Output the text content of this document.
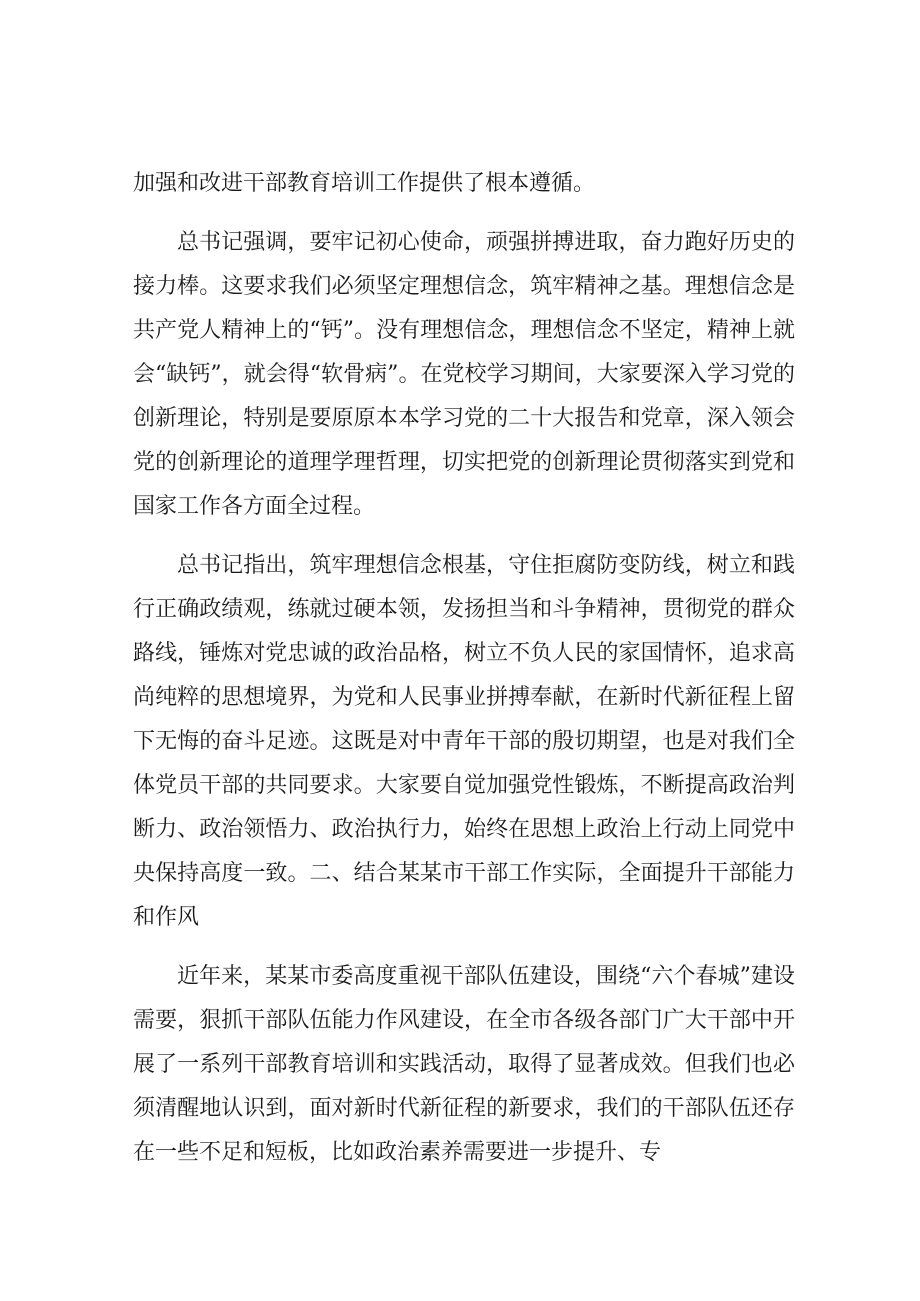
加强和改进干部教育培训工作提供了根本遵循。

总书记强调，要牢记初心使命，顽强拼搏进取，奋力跑好历史的接力棒。这要求我们必须坚定理想信念，筑牢精神之基。理想信念是共产党人精神上的“钙”。没有理想信念，理想信念不坚定，精神上就会“缺钙”，就会得“软骨病”。在党校学习期间，大家要深入学习党的创新理论，特别是要原原本本学习党的二十大报告和党章，深入领会党的创新理论的道理学理哲理，切实把党的创新理论贯彻落实到党和国家工作各方面全过程。

总书记指出，筑牢理想信念根基，守住拒腐防变防线，树立和践行正确政绩观，练就过硬本领，发扬担当和斗争精神，贯彻党的群众路线，锤炼对党忠诚的政治品格，树立不负人民的家国情怀，追求高尚纯粹的思想境界，为党和人民事业拼搏奉献，在新时代新征程上留下无悔的奋斗足迹。这既是对中青年干部的殷切期望，也是对我们全体党员干部的共同要求。大家要自觉加强党性锻炼，不断提高政治判断力、政治领悟力、政治执行力，始终在思想上政治上行动上同党中央保持高度一致。二、结合某某市干部工作实际，全面提升干部能力和作风

近年来，某某市委高度重视干部队伍建设，围绕“六个春城”建设需要，狠抓干部队伍能力作风建设，在全市各级各部门广大干部中开展了一系列干部教育培训和实践活动，取得了显著成效。但我们也必须清醒地认识到，面对新时代新征程的新要求，我们的干部队伍还存在一些不足和短板，比如政治素养需要进一步提升、专
